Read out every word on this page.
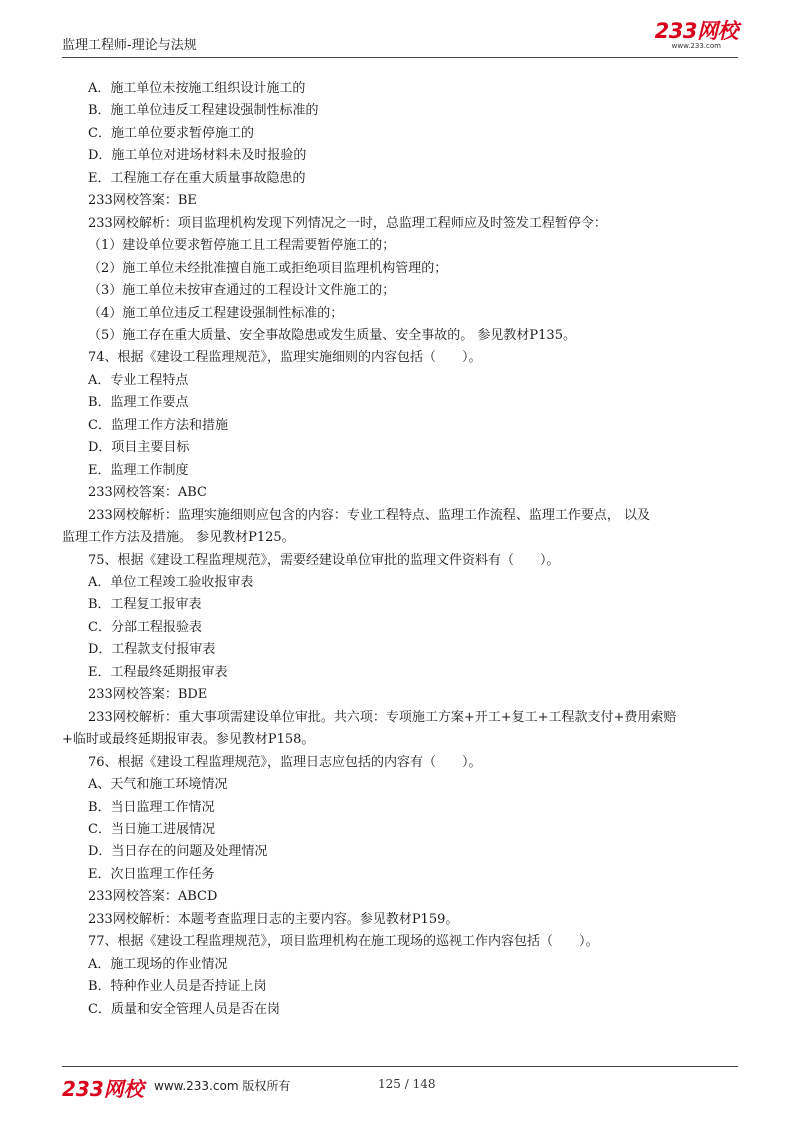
监理工程师-理论与法规
233网校
www.233.com
A．施工单位未按施工组织设计施工的
B．施工单位违反工程建设强制性标准的
C．施工单位要求暂停施工的
D．施工单位对进场材料未及时报验的
E．工程施工存在重大质量事故隐患的
233网校答案：BE
233网校解析：项目监理机构发现下列情况之一时，总监理工程师应及时签发工程暂停令：
（1）建设单位要求暂停施工且工程需要暂停施工的；
（2）施工单位未经批准擅自施工或拒绝项目监理机构管理的；
（3）施工单位未按审查通过的工程设计文件施工的；
（4）施工单位违反工程建设强制性标准的；
（5）施工存在重大质量、安全事故隐患或发生质量、安全事故的。 参见教材P135。
74、根据《建设工程监理规范》，监理实施细则的内容包括（　　）。
A．专业工程特点
B．监理工作要点
C．监理工作方法和措施
D．项目主要目标
E．监理工作制度
233网校答案：ABC
233网校解析：监理实施细则应包含的内容：专业工程特点、监理工作流程、监理工作要点， 以及
监理工作方法及措施。 参见教材P125。
75、根据《建设工程监理规范》，需要经建设单位审批的监理文件资料有（　　）。
A．单位工程竣工验收报审表
B．工程复工报审表
C．分部工程报验表
D．工程款支付报审表
E．工程最终延期报审表
233网校答案：BDE
233网校解析：重大事项需建设单位审批。共六项：专项施工方案+开工+复工+工程款支付+费用索赔
+临时或最终延期报审表。参见教材P158。
76、根据《建设工程监理规范》，监理日志应包括的内容有（　　）。
A、天气和施工环境情况
B．当日监理工作情况
C．当日施工进展情况
D．当日存在的问题及处理情况
E．次日监理工作任务
233网校答案：ABCD
233网校解析：本题考查监理日志的主要内容。参见教材P159。
77、根据《建设工程监理规范》，项目监理机构在施工现场的巡视工作内容包括（　　）。
A．施工现场的作业情况
B．特种作业人员是否持证上岗
C．质量和安全管理人员是否在岗
233网校 www.233.com 版权所有	125 / 148
